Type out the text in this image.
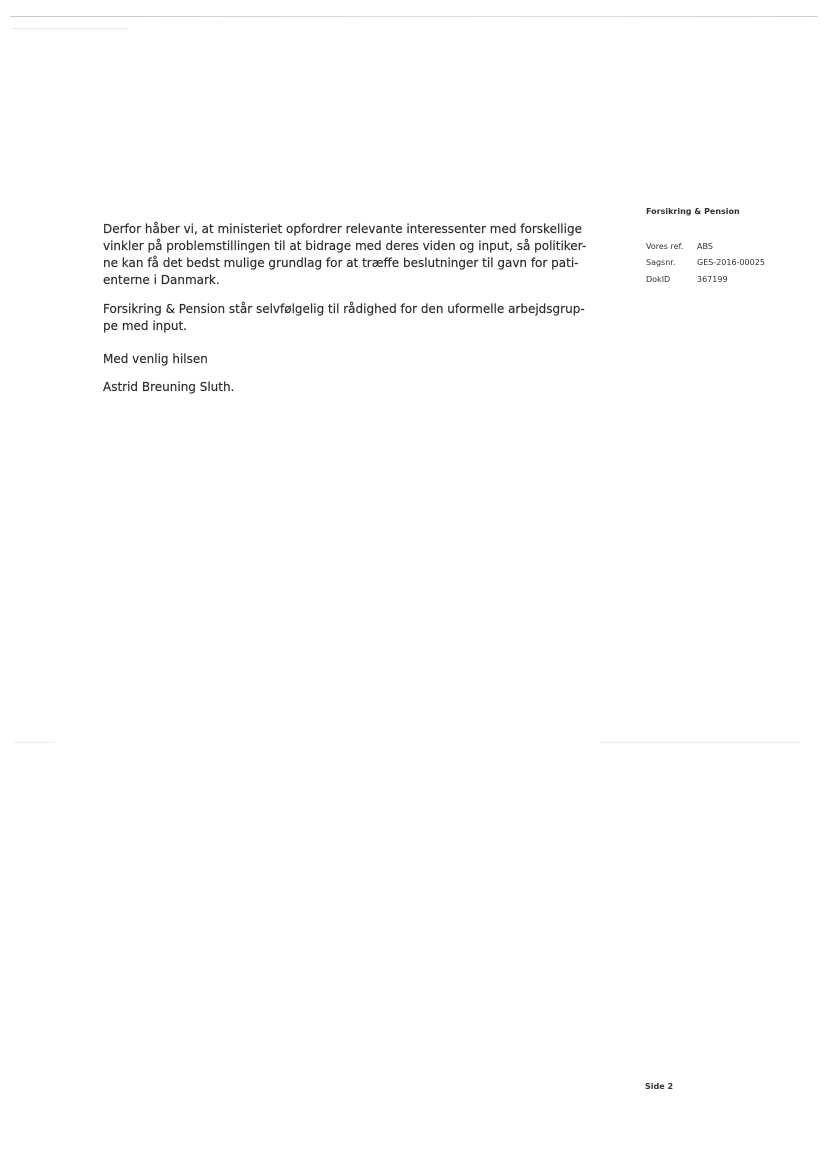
Derfor håber vi, at ministeriet opfordrer relevante interessenter med forskellige
vinkler på problemstillingen til at bidrage med deres viden og input, så politiker-
ne kan få det bedst mulige grundlag for at træffe beslutninger til gavn for pati-
enterne i Danmark.
Forsikring & Pension står selvfølgelig til rådighed for den uformelle arbejdsgrup-
pe med input.
Med venlig hilsen
Astrid Breuning Sluth.
Forsikring & Pension
Vores ref.	ABS
Sagsnr.	GES-2016-00025
DokID	367199
Side 2
